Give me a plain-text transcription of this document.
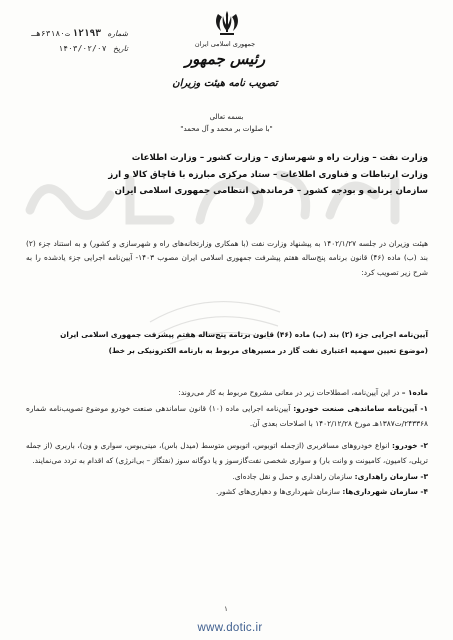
جمهوری اسلامی ایران
رئیس جمهور
تصویب نامه هیئت وزیران
شماره ۱۲۱۹۳ ت۶۳۱۸۰هـ
تاریخ ۱۴۰۳/۰۲/۰۷
بسمه تعالی
"با صلوات بر محمد و آل محمد"
وزارت نفت – وزارت راه و شهرسازی – وزارت کشور – وزارت اطلاعات
وزارت ارتباطات و فناوری اطلاعات – ستاد مرکزی مبارزه با قاچاق کالا و ارز
سازمان برنامه و بودجه کشور – فرماندهی انتظامی جمهوری اسلامی ایران
هیئت وزیران در جلسه ۱۴۰۲/۱/۲۷ به پیشنهاد وزارت نفت (با همکاری وزارتخانه‌های راه و شهرسازی و کشور) و به استناد جزء (۲) بند (ب) ماده (۴۶) قانون برنامه پنج‌ساله هفتم پیشرفت جمهوری اسلامی ایران مصوب ۱۴۰۳- آیین‌نامه اجرایی جزء یادشده را به شرح زیر تصویب کرد:
آیین‌نامه اجرایی جزء (۲) بند (ب) ماده (۴۶) قانون برنامه پنج‌ساله هفتم پیشرفت جمهوری اسلامی ایران
(موضوع تعیین سهمیه اعتباری نفت گاز در مسیرهای مربوط به بارنامه الکترونیکی بر خط)
ماده۱ – در این آیین‌نامه، اصطلاحات زیر در معانی مشروح مربوط به کار می‌روند:
۱- آیین‌نامه ساماندهی صنعت خودرو: آیین‌نامه اجرایی ماده (۱۰) قانون ساماندهی صنعت خودرو موضوع تصویب‌نامه شماره ۲۴۳۳۶۸/ت۱۳۸۷هـ مورخ ۱۴۰۲/۱۲/۲۸ با اصلاحات بعدی آن.
۲- خودرو: انواع خودروهای مسافربری (ازجمله اتوبوس، اتوبوس متوسط (میدل باس)، مینی‌بوس، سواری و ون)، باربری (از جمله تریلی، کامیون، کامیونت و وانت بار) و سواری شخصی نفت‌گازسوز و یا دوگانه سوز (نفتگاز – بی‌انرژی) که اقدام به تردد می‌نمایند.
۳- سازمان راهداری: سازمان راهداری و حمل و نقل جاده‌ای.
۴- سازمان شهرداری‌ها: سازمان شهرداری‌ها و دهیاری‌های کشور.
۱
www.dotic.ir
